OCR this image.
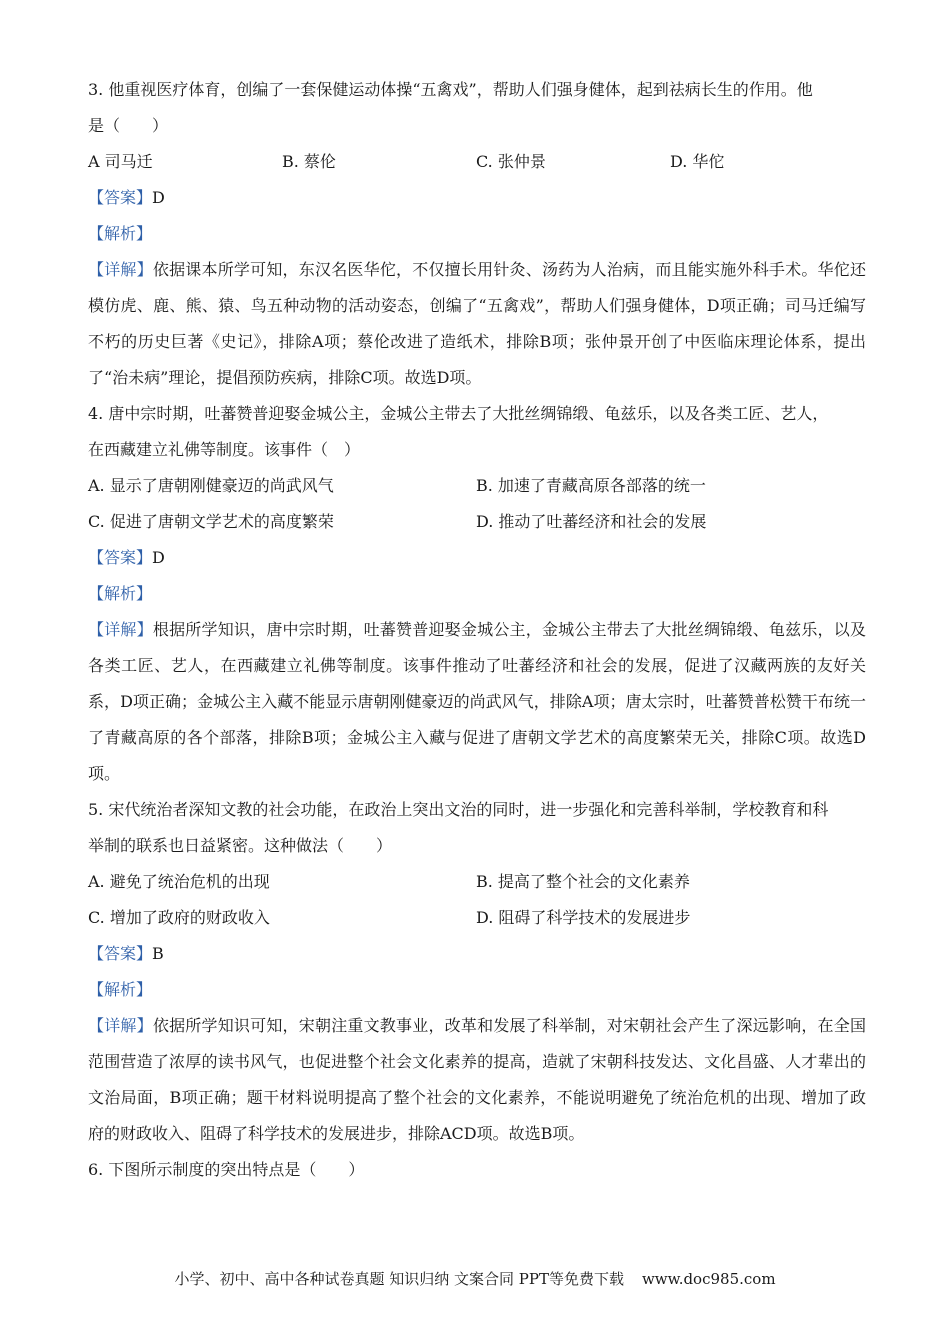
3. 他重视医疗体育，创编了一套保健运动体操“五禽戏”，帮助人们强身健体，起到祛病长生的作用。他
是（　　）
A 司马迁	B. 蔡伦	C. 张仲景	D. 华佗
【答案】D
【解析】
【详解】依据课本所学可知，东汉名医华佗，不仅擅长用针灸、汤药为人治病，而且能实施外科手术。华佗还模仿虎、鹿、熊、猿、鸟五种动物的活动姿态，创编了“五禽戏”，帮助人们强身健体，D项正确；司马迁编写不朽的历史巨著《史记》，排除A项；蔡伦改进了造纸术，排除B项；张仲景开创了中医临床理论体系，提出了“治未病”理论，提倡预防疾病，排除C项。故选D项。
4. 唐中宗时期，吐蕃赞普迎娶金城公主，金城公主带去了大批丝绸锦缎、龟兹乐，以及各类工匠、艺人，
在西藏建立礼佛等制度。该事件（　）
A. 显示了唐朝刚健豪迈的尚武风气	B. 加速了青藏高原各部落的统一
C. 促进了唐朝文学艺术的高度繁荣	D. 推动了吐蕃经济和社会的发展
【答案】D
【解析】
【详解】根据所学知识，唐中宗时期，吐蕃赞普迎娶金城公主，金城公主带去了大批丝绸锦缎、龟兹乐，以及各类工匠、艺人，在西藏建立礼佛等制度。该事件推动了吐蕃经济和社会的发展，促进了汉藏两族的友好关系，D项正确；金城公主入藏不能显示唐朝刚健豪迈的尚武风气，排除A项；唐太宗时，吐蕃赞普松赞干布统一了青藏高原的各个部落，排除B项；金城公主入藏与促进了唐朝文学艺术的高度繁荣无关，排除C项。故选D项。
5. 宋代统治者深知文教的社会功能，在政治上突出文治的同时，进一步强化和完善科举制，学校教育和科
举制的联系也日益紧密。这种做法（　　）
A. 避免了统治危机的出现	B. 提高了整个社会的文化素养
C. 增加了政府的财政收入	D. 阻碍了科学技术的发展进步
【答案】B
【解析】
【详解】依据所学知识可知，宋朝注重文教事业，改革和发展了科举制，对宋朝社会产生了深远影响，在全国范围营造了浓厚的读书风气，也促进整个社会文化素养的提高，造就了宋朝科技发达、文化昌盛、人才辈出的文治局面，B项正确；题干材料说明提高了整个社会的文化素养，不能说明避免了统治危机的出现、增加了政府的财政收入、阻碍了科学技术的发展进步，排除ACD项。故选B项。
6. 下图所示制度的突出特点是（　　）
小学、初中、高中各种试卷真题 知识归纳 文案合同 PPT等免费下载 www.doc985.com
